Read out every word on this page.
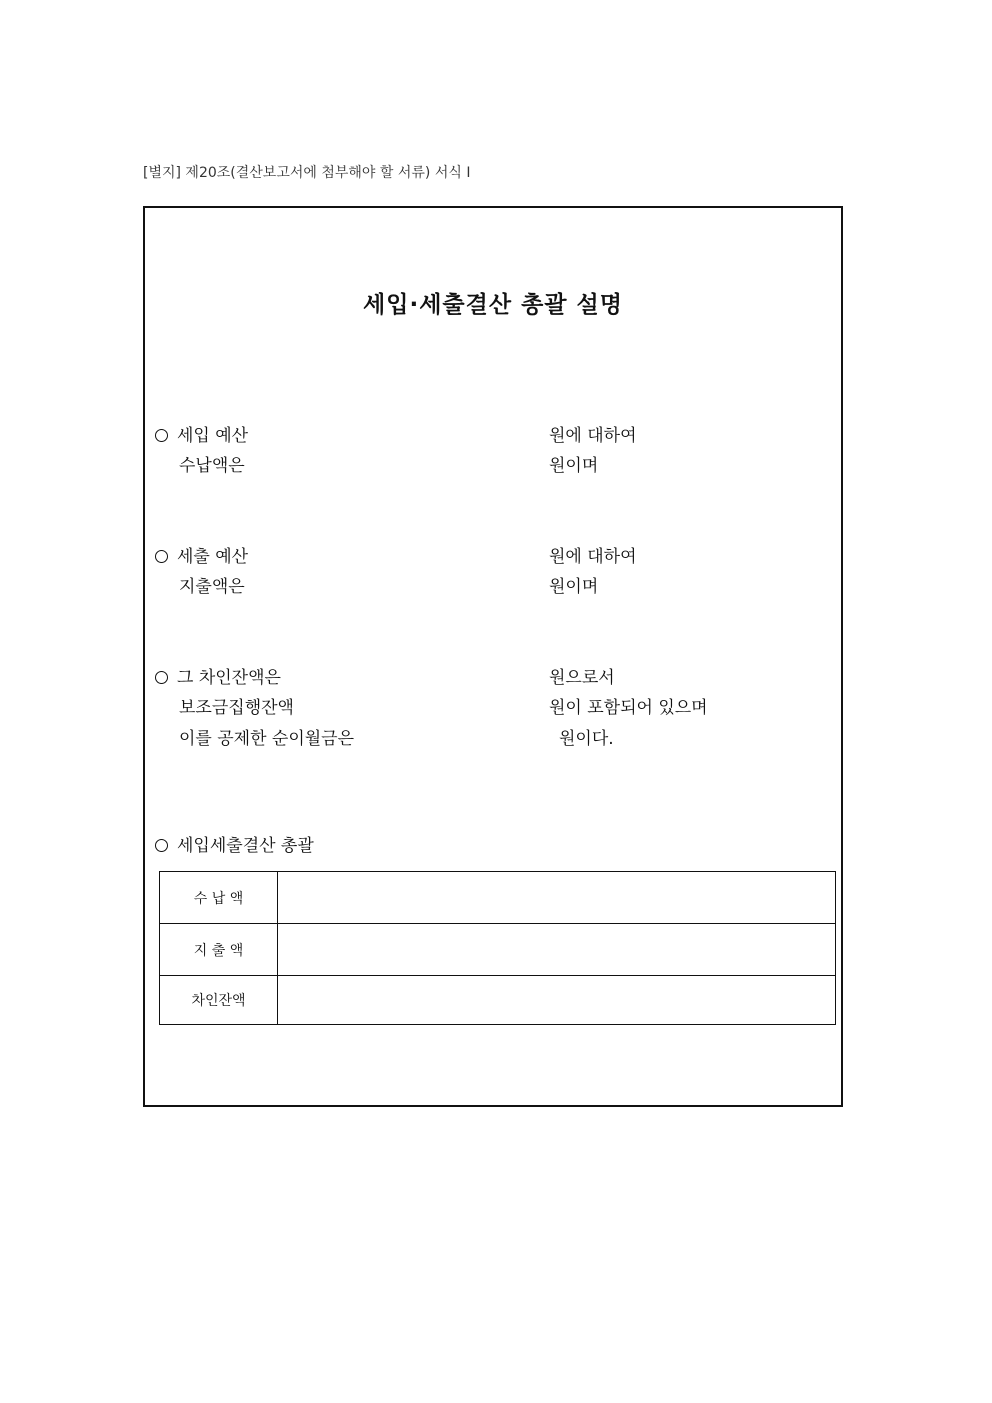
[별지] 제20조(결산보고서에 첨부해야 할 서류) 서식 I
세입·세출결산 총괄 설명
세입 예산
수납액은
원에 대하여
원이며
세출 예산
지출액은
원에 대하여
원이며
그 차인잔액은
보조금집행잔액
이를 공제한 순이월금은
원으로서
원이 포함되어 있으며
원이다.
세입세출결산 총괄
수 납 액	
지 출 액	
차인잔액	
